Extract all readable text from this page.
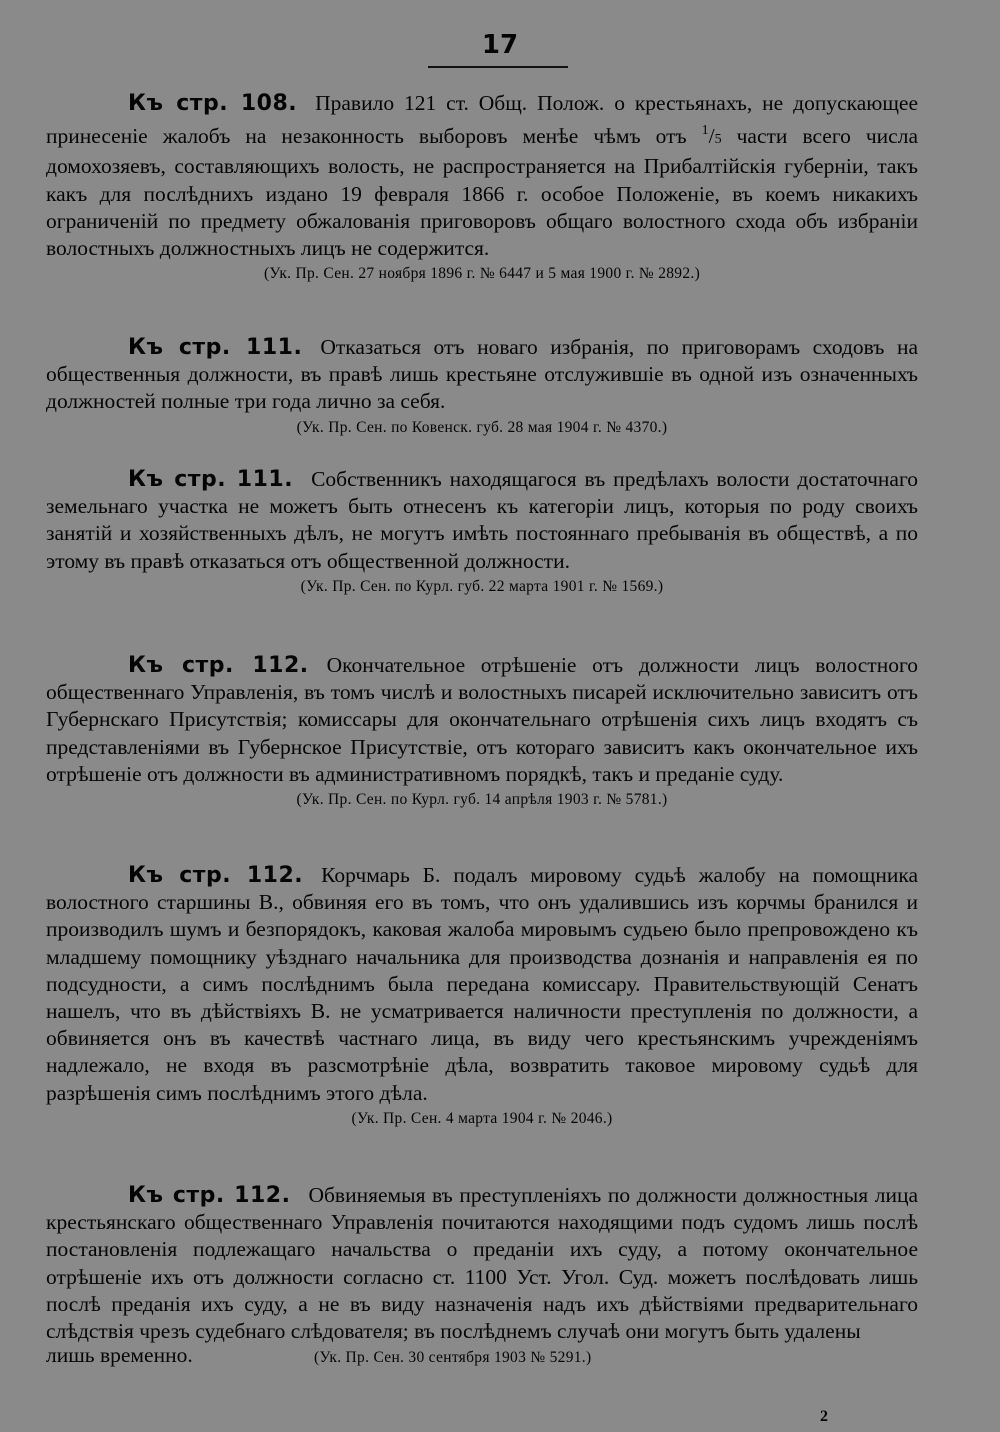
17

Къ стр. 108. Правило 121 ст. Общ. Полож. о крестьянахъ, не допускающее принесеніе жалобъ на незаконность выборовъ менѣе чѣмъ отъ $^1$/5 части всего числа домохозяевъ, составляющихъ волость, не распространяется на Прибалтійскія губерніи, такъ какъ для послѣднихъ издано 19 февраля 1866 г. особое Положеніе, въ коемъ никакихъ ограниченій по предмету обжалованія приговоровъ общаго волостного схода объ избраніи волостныхъ должностныхъ лицъ не содержится.

(Ук. Пр. Сен. 27 ноября 1896 г. № 6447 и 5 мая 1900 г. № 2892.)

Къ стр. 111. Отказаться отъ новаго избранія, по приговорамъ сходовъ на общественныя должности, въ правѣ лишь крестьяне отслужившіе въ одной изъ означенныхъ должностей полные три года лично за себя.

(Ук. Пр. Сен. по Ковенск. губ. 28 мая 1904 г. № 4370.)

Къ стр. 111. Собственникъ находящагося въ предѣлахъ волости достаточнаго земельнаго участка не можетъ быть отнесенъ къ категоріи лицъ, которыя по роду своихъ занятій и хозяйственныхъ дѣлъ, не могутъ имѣть постояннаго пребыванія въ обществѣ, а по этому въ правѣ отказаться отъ общественной должности.

(Ук. Пр. Сен. по Курл. губ. 22 марта 1901 г. № 1569.)

Къ стр. 112. Окончательное отрѣшеніе отъ должности лицъ волостного общественнаго Управленія, въ томъ числѣ и волостныхъ писарей исключительно зависитъ отъ Губернскаго Присутствія; комиссары для окончательнаго отрѣшенія сихъ лицъ входятъ съ представленіями въ Губернское Присутствіе, отъ котораго зависитъ какъ окончательное ихъ отрѣшеніе отъ должности въ административномъ порядкѣ, такъ и преданіе суду.

(Ук. Пр. Сен. по Курл. губ. 14 апрѣля 1903 г. № 5781.)

Къ стр. 112. Корчмарь Б. подалъ мировому судьѣ жалобу на помощника волостного старшины В., обвиняя его въ томъ, что онъ удалившись изъ корчмы бранился и производилъ шумъ и безпорядокъ, каковая жалоба мировымъ судьею было препровождено къ младшему помощнику уѣзднаго начальника для производства дознанія и направленія ея по подсудности, а симъ послѣднимъ была передана комиссару. Правительствующій Сенатъ нашелъ, что въ дѣйствіяхъ В. не усматривается наличности преступленія по должности, а обвиняется онъ въ качествѣ частнаго лица, въ виду чего крестьянскимъ учрежденіямъ надлежало, не входя въ разсмотрѣніе дѣла, возвратить таковое мировому судьѣ для разрѣшенія симъ послѣднимъ этого дѣла.

(Ук. Пр. Сен. 4 марта 1904 г. № 2046.)

Къ стр. 112. Обвиняемыя въ преступленіяхъ по должности должностныя лица крестьянскаго общественнаго Управленія почитаются находящими подъ судомъ лишь послѣ постановленія подлежащаго начальства о преданіи ихъ суду, а потому окончательное отрѣшеніе ихъ отъ должности согласно ст. 1100 Уст. Угол. Суд. можетъ послѣдовать лишь послѣ преданія ихъ суду, а не въ виду назначенія надъ ихъ дѣйствіями предварительнаго слѣдствія чрезъ судебнаго слѣдователя; въ послѣднемъ случаѣ они могутъ быть удалены

лишь временно.	(Ук. Пр. Сен. 30 сентября 1903 № 5291.)
2
